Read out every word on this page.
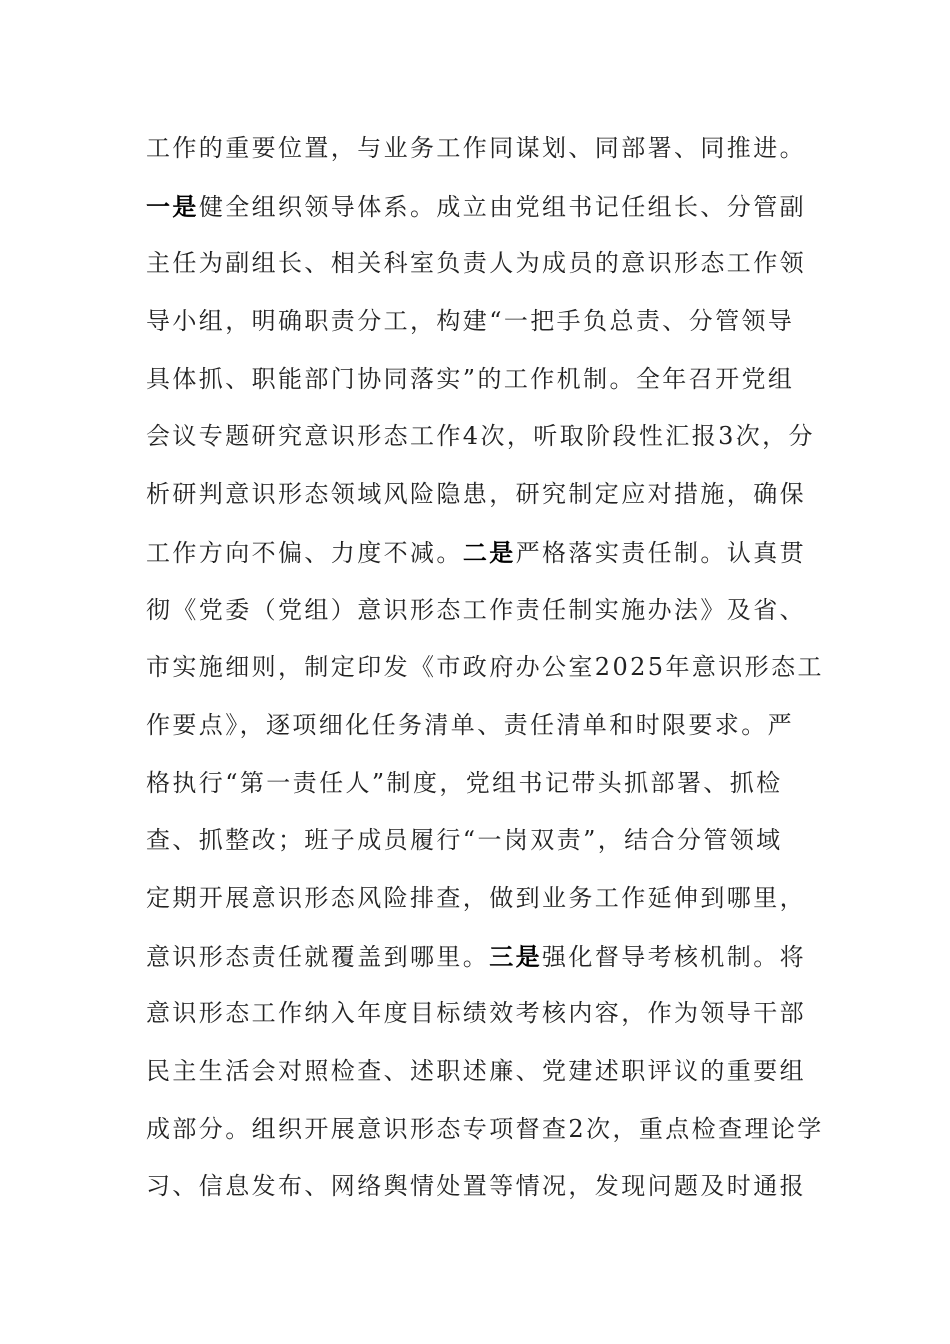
工作的重要位置，与业务工作同谋划、同部署、同推进。
一是健全组织领导体系。成立由党组书记任组长、分管副
主任为副组长、相关科室负责人为成员的意识形态工作领
导小组，明确职责分工，构建“一把手负总责、分管领导
具体抓、职能部门协同落实”的工作机制。全年召开党组
会议专题研究意识形态工作4次，听取阶段性汇报3次，分
析研判意识形态领域风险隐患，研究制定应对措施，确保
工作方向不偏、力度不减。二是严格落实责任制。认真贯
彻《党委（党组）意识形态工作责任制实施办法》及省、
市实施细则，制定印发《市政府办公室2025年意识形态工
作要点》，逐项细化任务清单、责任清单和时限要求。严
格执行“第一责任人”制度，党组书记带头抓部署、抓检
查、抓整改；班子成员履行“一岗双责”，结合分管领域
定期开展意识形态风险排查，做到业务工作延伸到哪里，
意识形态责任就覆盖到哪里。三是强化督导考核机制。将
意识形态工作纳入年度目标绩效考核内容，作为领导干部
民主生活会对照检查、述职述廉、党建述职评议的重要组
成部分。组织开展意识形态专项督查2次，重点检查理论学
习、信息发布、网络舆情处置等情况，发现问题及时通报
